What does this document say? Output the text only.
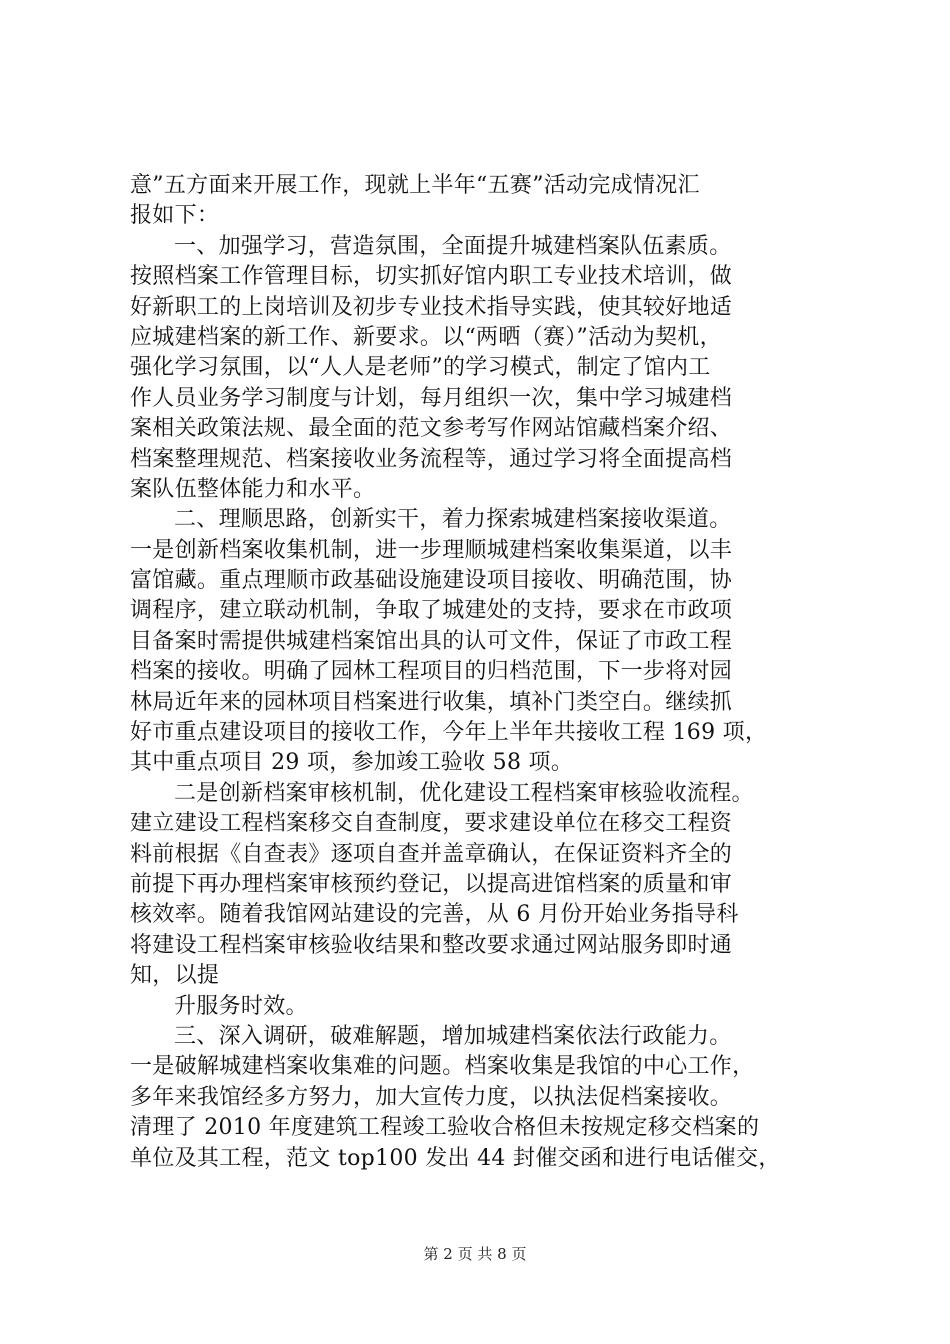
意”五方面来开展工作，现就上半年“五赛”活动完成情况汇
报如下：
一、加强学习，营造氛围，全面提升城建档案队伍素质。
按照档案工作管理目标，切实抓好馆内职工专业技术培训，做
好新职工的上岗培训及初步专业技术指导实践，使其较好地适
应城建档案的新工作、新要求。以“两晒（赛）”活动为契机，
强化学习氛围，以“人人是老师”的学习模式，制定了馆内工
作人员业务学习制度与计划，每月组织一次，集中学习城建档
案相关政策法规、最全面的范文参考写作网站馆藏档案介绍、
档案整理规范、档案接收业务流程等，通过学习将全面提高档
案队伍整体能力和水平。
二、理顺思路，创新实干，着力探索城建档案接收渠道。
一是创新档案收集机制，进一步理顺城建档案收集渠道，以丰
富馆藏。重点理顺市政基础设施建设项目接收、明确范围，协
调程序，建立联动机制，争取了城建处的支持，要求在市政项
目备案时需提供城建档案馆出具的认可文件，保证了市政工程
档案的接收。明确了园林工程项目的归档范围，下一步将对园
林局近年来的园林项目档案进行收集，填补门类空白。继续抓
好市重点建设项目的接收工作，今年上半年共接收工程 169 项，
其中重点项目 29 项，参加竣工验收 58 项。
二是创新档案审核机制，优化建设工程档案审核验收流程。
建立建设工程档案移交自查制度，要求建设单位在移交工程资
料前根据《自查表》逐项自查并盖章确认，在保证资料齐全的
前提下再办理档案审核预约登记，以提高进馆档案的质量和审
核效率。随着我馆网站建设的完善，从 6 月份开始业务指导科
将建设工程档案审核验收结果和整改要求通过网站服务即时通
知，以提
升服务时效。
三、深入调研，破难解题，增加城建档案依法行政能力。
一是破解城建档案收集难的问题。档案收集是我馆的中心工作，
多年来我馆经多方努力，加大宣传力度，以执法促档案接收。
清理了 2010 年度建筑工程竣工验收合格但未按规定移交档案的
单位及其工程，范文 top100 发出 44 封催交函和进行电话催交，
第 2 页 共 8 页
